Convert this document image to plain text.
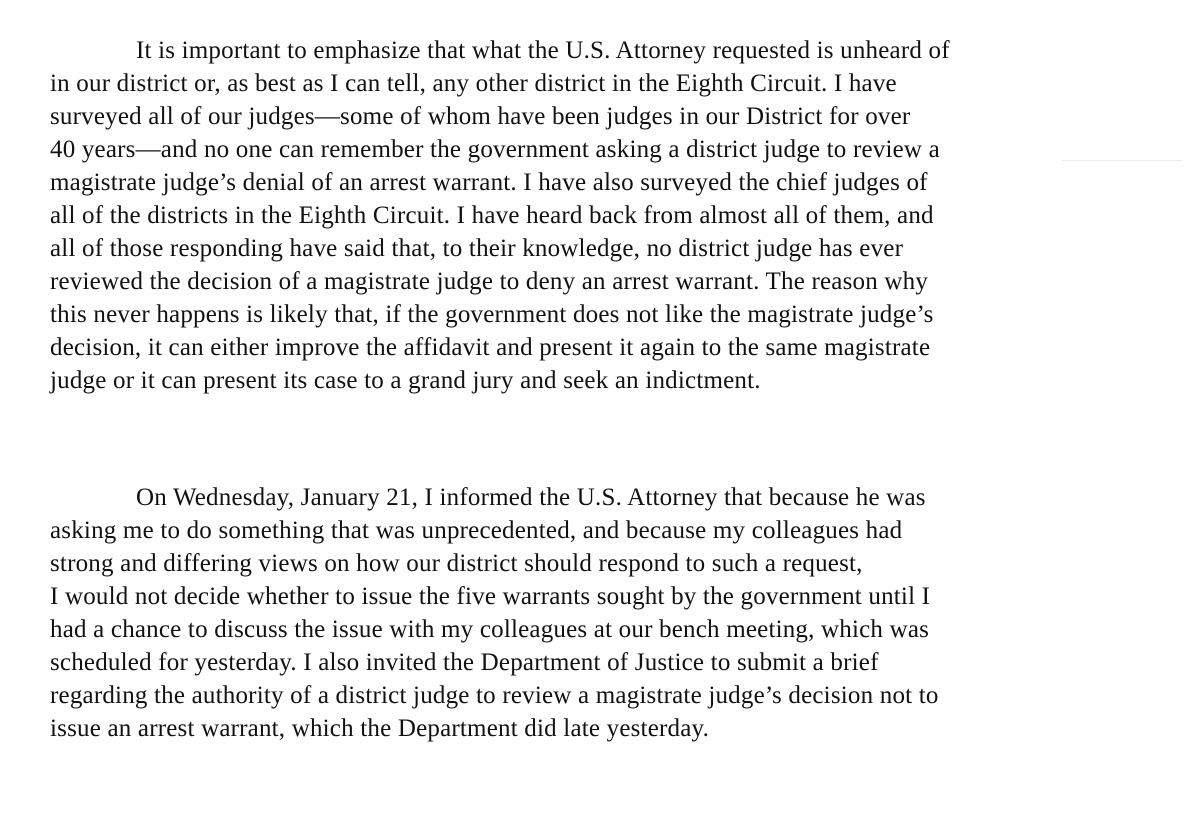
It is important to emphasize that what the U.S. Attorney requested is unheard of
in our district or, as best as I can tell, any other district in the Eighth Circuit. I have
surveyed all of our judges—some of whom have been judges in our District for over
40 years—and no one can remember the government asking a district judge to review a
magistrate judge’s denial of an arrest warrant. I have also surveyed the chief judges of
all of the districts in the Eighth Circuit. I have heard back from almost all of them, and
all of those responding have said that, to their knowledge, no district judge has ever
reviewed the decision of a magistrate judge to deny an arrest warrant. The reason why
this never happens is likely that, if the government does not like the magistrate judge’s
decision, it can either improve the affidavit and present it again to the same magistrate
judge or it can present its case to a grand jury and seek an indictment.

On Wednesday, January 21, I informed the U.S. Attorney that because he was
asking me to do something that was unprecedented, and because my colleagues had
strong and differing views on how our district should respond to such a request,
I would not decide whether to issue the five warrants sought by the government until I
had a chance to discuss the issue with my colleagues at our bench meeting, which was
scheduled for yesterday. I also invited the Department of Justice to submit a brief
regarding the authority of a district judge to review a magistrate judge’s decision not to
issue an arrest warrant, which the Department did late yesterday.
